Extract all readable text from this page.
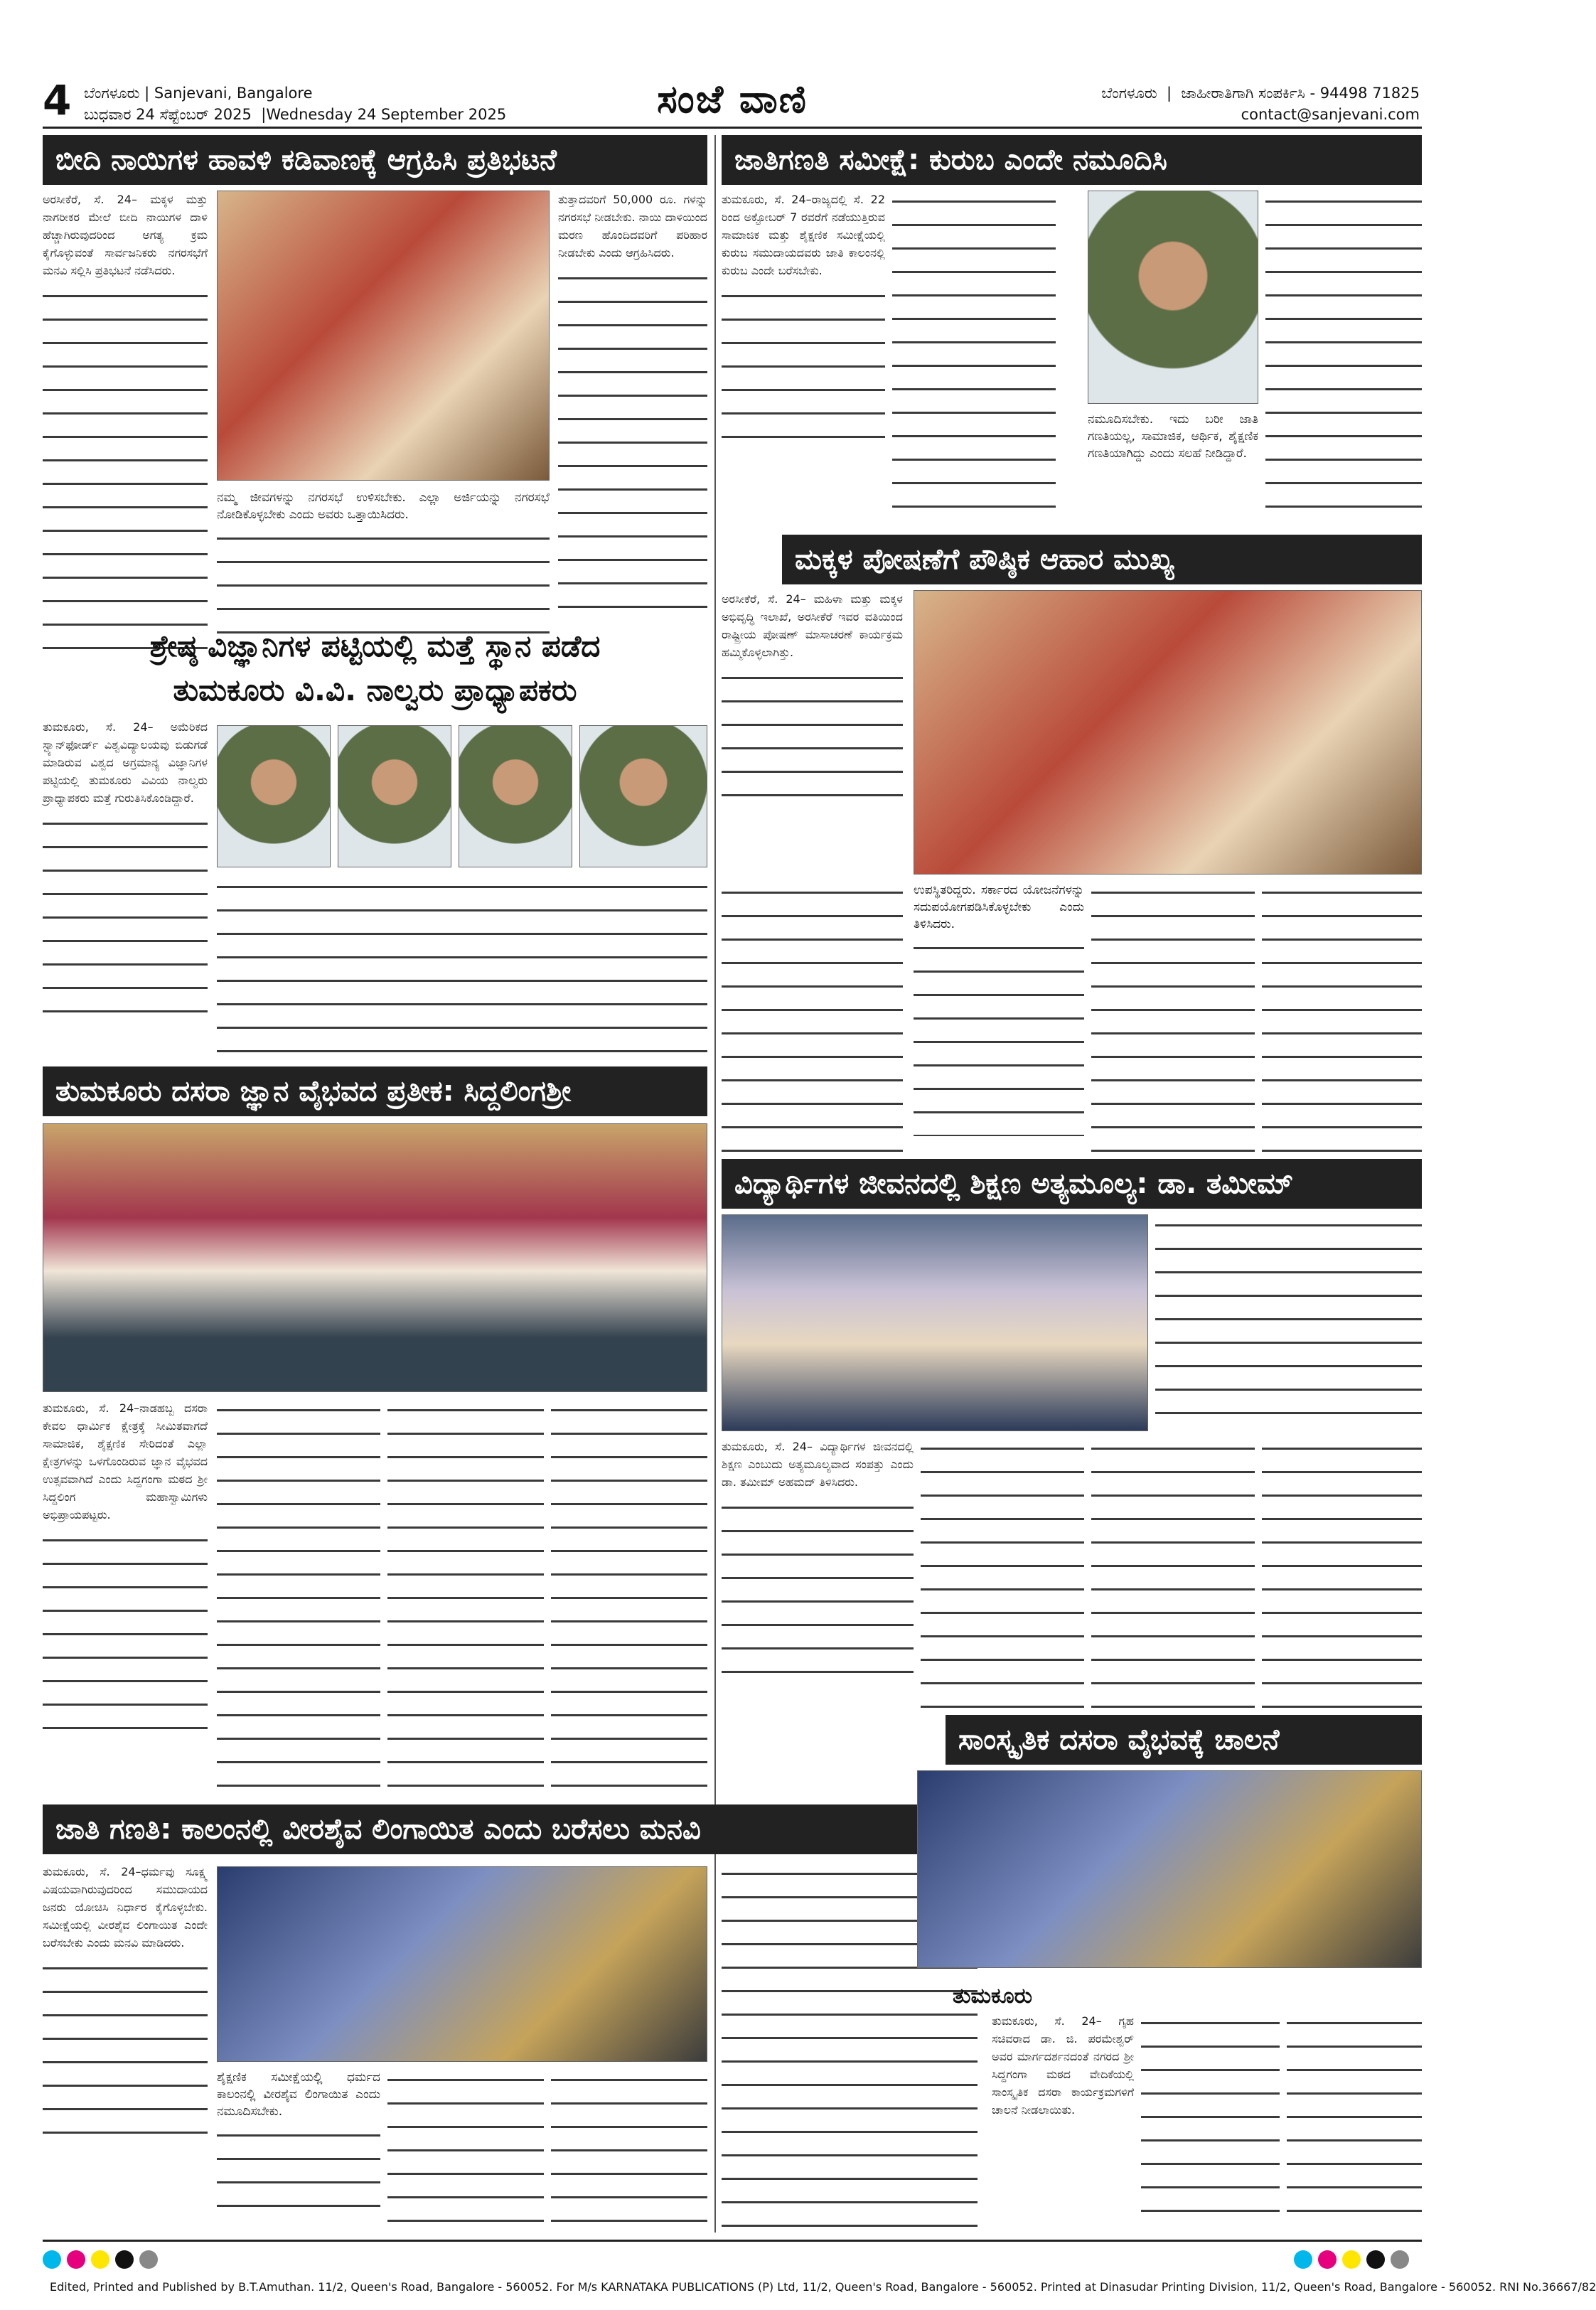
4 ಬೆಂಗಳೂರು | Sanjevani, Bangalore
ಬುಧವಾರ 24 ಸೆಪ್ಟೆಂಬರ್ 2025  |Wednesday 24 September 2025	ಸಂಜೆ ವಾಣಿ	ಬೆಂಗಳೂರು  |  ಜಾಹೀರಾತಿಗಾಗಿ ಸಂಪರ್ಕಿಸಿ - 94498 71825
contact@sanjevani.com
ಬೀದಿ ನಾಯಿಗಳ ಹಾವಳಿ ಕಡಿವಾಣಕ್ಕೆ ಆಗ್ರಹಿಸಿ ಪ್ರತಿಭಟನೆ

ಅರಸೀಕೆರೆ, ಸೆ. 24– ಮಕ್ಕಳ ಮತ್ತು ನಾಗರೀಕರ ಮೇಲೆ ಬೀದಿ ನಾಯಿಗಳ ದಾಳಿ ಹೆಚ್ಚಾಗಿರುವುದರಿಂದ ಅಗತ್ಯ ಕ್ರಮ ಕೈಗೊಳ್ಳುವಂತೆ ಸಾರ್ವಜನಿಕರು ನಗರಸಭೆಗೆ ಮನವಿ ಸಲ್ಲಿಸಿ ಪ್ರತಿಭಟನೆ ನಡೆಸಿದರು.

ತುತ್ತಾದವರಿಗೆ 50,000 ರೂ. ಗಳನ್ನು ನಗರಸಭೆ ನೀಡಬೇಕು. ನಾಯಿ ದಾಳಿಯಿಂದ ಮರಣ ಹೊಂದಿದವರಿಗೆ ಪರಿಹಾರ ನೀಡಬೇಕು ಎಂದು ಆಗ್ರಹಿಸಿದರು.

ನಮ್ಮ ಜೀವಗಳನ್ನು ನಗರಸಭೆ ಉಳಿಸಬೇಕು. ಎಲ್ಲಾ ಅರ್ಜಿಯನ್ನು ನಗರಸಭೆ ನೋಡಿಕೊಳ್ಳಬೇಕು ಎಂದು ಅವರು ಒತ್ತಾಯಿಸಿದರು.
ಶ್ರೇಷ್ಠ ವಿಜ್ಞಾನಿಗಳ ಪಟ್ಟಿಯಲ್ಲಿ ಮತ್ತೆ ಸ್ಥಾನ ಪಡೆದ
ತುಮಕೂರು ವಿ.ವಿ. ನಾಲ್ವರು ಪ್ರಾಧ್ಯಾಪಕರು

ತುಮಕೂರು, ಸೆ. 24– ಅಮೆರಿಕದ ಸ್ಟ್ಯಾನ್‌ಫೋರ್ಡ್ ವಿಶ್ವವಿದ್ಯಾಲಯವು ಬಿಡುಗಡೆ ಮಾಡಿರುವ ವಿಶ್ವದ ಅಗ್ರಮಾನ್ಯ ವಿಜ್ಞಾನಿಗಳ ಪಟ್ಟಿಯಲ್ಲಿ ತುಮಕೂರು ವಿವಿಯ ನಾಲ್ವರು ಪ್ರಾಧ್ಯಾಪಕರು ಮತ್ತೆ ಗುರುತಿಸಿಕೊಂಡಿದ್ದಾರೆ.

ತುಮಕೂರು ದಸರಾ ಜ್ಞಾನ ವೈಭವದ ಪ್ರತೀಕ: ಸಿದ್ದಲಿಂಗಶ್ರೀ

ತುಮಕೂರು, ಸೆ. 24–ನಾಡಹಬ್ಬ ದಸರಾ ಕೇವಲ ಧಾರ್ಮಿಕ ಕ್ಷೇತ್ರಕ್ಕೆ ಸೀಮಿತವಾಗದೆ ಸಾಮಾಜಿಕ, ಶೈಕ್ಷಣಿಕ ಸೇರಿದಂತೆ ಎಲ್ಲಾ ಕ್ಷೇತ್ರಗಳನ್ನು ಒಳಗೊಂಡಿರುವ ಜ್ಞಾನ ವೈಭವದ ಉತ್ಸವವಾಗಿದೆ ಎಂದು ಸಿದ್ದಗಂಗಾ ಮಠದ ಶ್ರೀ ಸಿದ್ದಲಿಂಗ ಮಹಾಸ್ವಾಮಿಗಳು ಅಭಿಪ್ರಾಯಪಟ್ಟರು.

ಜಾತಿ ಗಣತಿ: ಕಾಲಂನಲ್ಲಿ ವೀರಶೈವ ಲಿಂಗಾಯಿತ ಎಂದು ಬರೆಸಲು ಮನವಿ

ತುಮಕೂರು, ಸೆ. 24–ಧರ್ಮವು ಸೂಕ್ಷ್ಮ ವಿಷಯವಾಗಿರುವುದರಿಂದ ಸಮುದಾಯದ ಜನರು ಯೋಚಿಸಿ ನಿರ್ಧಾರ ಕೈಗೊಳ್ಳಬೇಕು. ಸಮೀಕ್ಷೆಯಲ್ಲಿ ವೀರಶೈವ ಲಿಂಗಾಯಿತ ಎಂದೇ ಬರೆಸಬೇಕು ಎಂದು ಮನವಿ ಮಾಡಿದರು.

ಶೈಕ್ಷಣಿಕ ಸಮೀಕ್ಷೆಯಲ್ಲಿ ಧರ್ಮದ ಕಾಲಂನಲ್ಲಿ ವೀರಶೈವ ಲಿಂಗಾಯಿತ ಎಂದು ನಮೂದಿಸಬೇಕು.
ಜಾತಿಗಣತಿ ಸಮೀಕ್ಷೆ: ಕುರುಬ ಎಂದೇ ನಮೂದಿಸಿ

ತುಮಕೂರು, ಸೆ. 24–ರಾಜ್ಯದಲ್ಲಿ ಸೆ. 22 ರಿಂದ ಅಕ್ಟೋಬರ್ 7 ರವರೆಗೆ ನಡೆಯುತ್ತಿರುವ ಸಾಮಾಜಿಕ ಮತ್ತು ಶೈಕ್ಷಣಿಕ ಸಮೀಕ್ಷೆಯಲ್ಲಿ ಕುರುಬ ಸಮುದಾಯದವರು ಜಾತಿ ಕಾಲಂನಲ್ಲಿ ಕುರುಬ ಎಂದೇ ಬರೆಸಬೇಕು.

ನಮೂದಿಸಬೇಕು. ಇದು ಬರೀ ಜಾತಿ ಗಣತಿಯಲ್ಲ, ಸಾಮಾಜಿಕ, ಆರ್ಥಿಕ, ಶೈಕ್ಷಣಿಕ ಗಣತಿಯಾಗಿದ್ದು ಎಂದು ಸಲಹೆ ನೀಡಿದ್ದಾರೆ.
ಮಕ್ಕಳ ಪೋಷಣೆಗೆ ಪೌಷ್ಠಿಕ ಆಹಾರ ಮುಖ್ಯ

ಅರಸೀಕೆರೆ, ಸೆ. 24– ಮಹಿಳಾ ಮತ್ತು ಮಕ್ಕಳ ಅಭಿವೃದ್ಧಿ ಇಲಾಖೆ, ಅರಸೀಕೆರೆ ಇವರ ವತಿಯಿಂದ ರಾಷ್ಟ್ರೀಯ ಪೋಷಣ್ ಮಾಸಾಚರಣೆ ಕಾರ್ಯಕ್ರಮ ಹಮ್ಮಿಕೊಳ್ಳಲಾಗಿತ್ತು.

ಉಪಸ್ಥಿತರಿದ್ದರು. ಸರ್ಕಾರದ ಯೋಜನೆಗಳನ್ನು ಸದುಪಯೋಗಪಡಿಸಿಕೊಳ್ಳಬೇಕು ಎಂದು ತಿಳಿಸಿದರು.
ವಿದ್ಯಾರ್ಥಿಗಳ ಜೀವನದಲ್ಲಿ ಶಿಕ್ಷಣ ಅತ್ಯಮೂಲ್ಯ: ಡಾ. ತಮೀಮ್

ತುಮಕೂರು, ಸೆ. 24– ವಿದ್ಯಾರ್ಥಿಗಳ ಜೀವನದಲ್ಲಿ ಶಿಕ್ಷಣ ಎಂಬುದು ಅತ್ಯಮೂಲ್ಯವಾದ ಸಂಪತ್ತು ಎಂದು ಡಾ. ತಮೀಮ್ ಅಹಮದ್ ತಿಳಿಸಿದರು.

ಸಾಂಸ್ಕೃತಿಕ ದಸರಾ ವೈಭವಕ್ಕೆ ಚಾಲನೆ
ತುಮಕೂರು

ತುಮಕೂರು, ಸೆ. 24– ಗೃಹ ಸಚಿವರಾದ ಡಾ. ಜಿ. ಪರಮೇಶ್ವರ್ ಅವರ ಮಾರ್ಗದರ್ಶನದಂತೆ ನಗರದ ಶ್ರೀ ಸಿದ್ದಗಂಗಾ ಮಠದ ವೇದಿಕೆಯಲ್ಲಿ ಸಾಂಸ್ಕೃತಿಕ ದಸರಾ ಕಾರ್ಯಕ್ರಮಗಳಿಗೆ ಚಾಲನೆ ನೀಡಲಾಯಿತು.

Edited, Printed and Published by B.T.Amuthan. 11/2, Queen's Road, Bangalore - 560052. For M/s KARNATAKA PUBLICATIONS (P) Ltd, 11/2, Queen's Road, Bangalore - 560052. Printed at Dinasudar Printing Division, 11/2, Queen's Road, Bangalore - 560052. RNI No.36667/82
